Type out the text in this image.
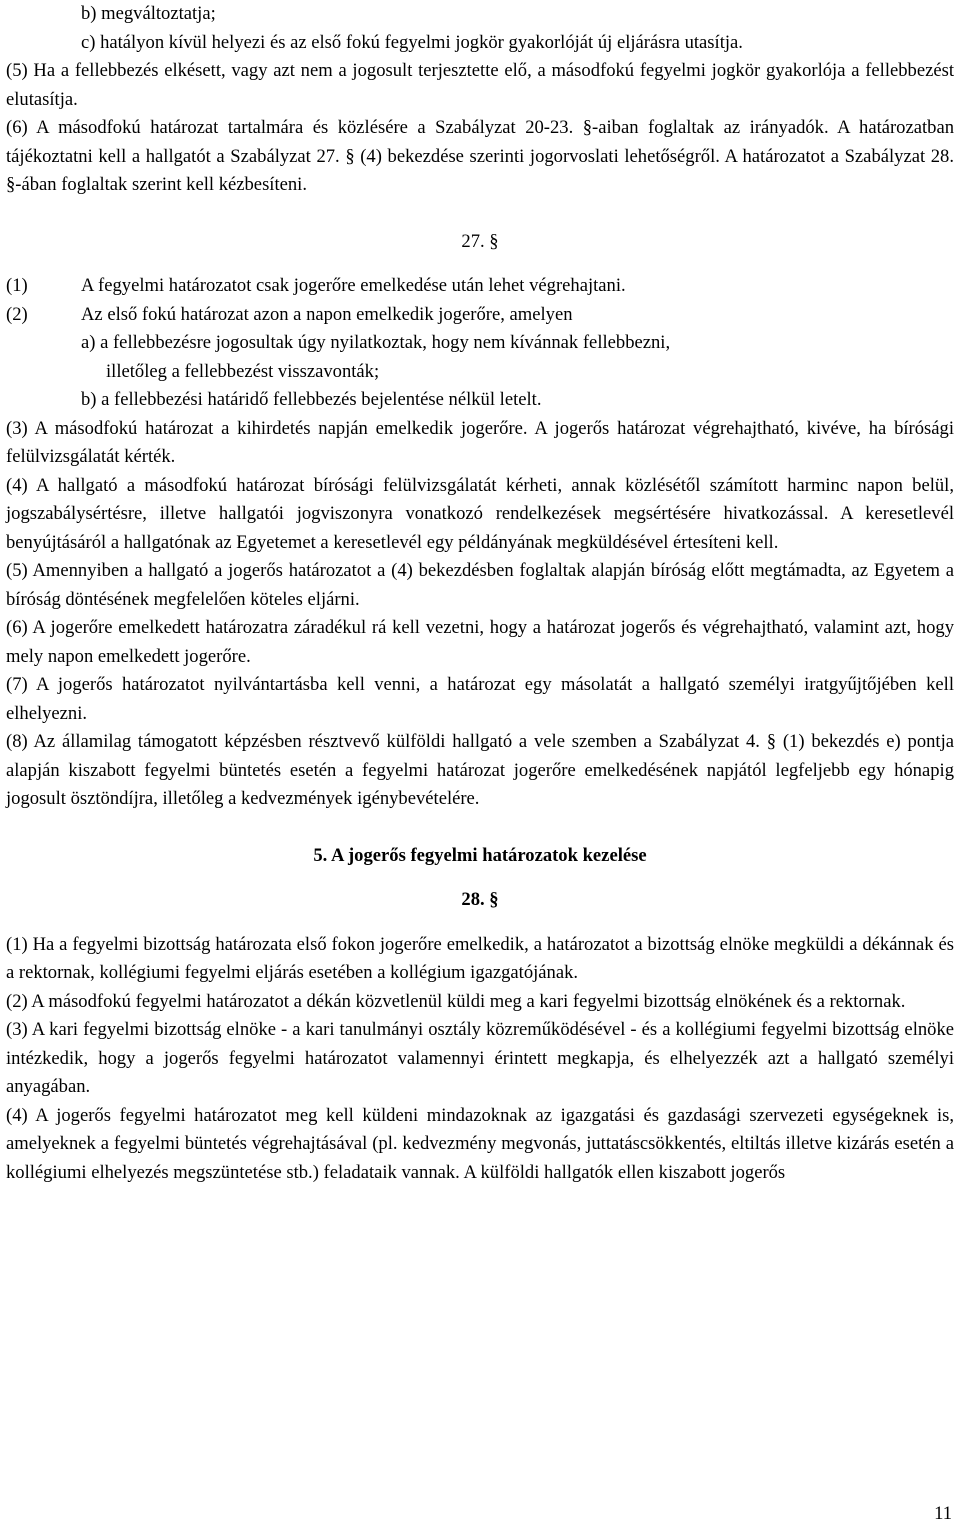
b) megváltoztatja;

c) hatályon kívül helyezi és az első fokú fegyelmi jogkör gyakorlóját új eljárásra utasítja.

(5) Ha a fellebbezés elkésett, vagy azt nem a jogosult terjesztette elő, a másodfokú fegyelmi jogkör gyakorlója a fellebbezést elutasítja.

(6) A másodfokú határozat tartalmára és közlésére a Szabályzat 20-23. §-aiban foglaltak az irányadók. A határozatban tájékoztatni kell a hallgatót a Szabályzat 27. § (4) bekezdése szerinti jogorvoslati lehetőségről. A határozatot a Szabályzat 28. §-ában foglaltak szerint kell kézbesíteni.

27. §

(1)	A fegyelmi határozatot csak jogerőre emelkedése után lehet végrehajtani.

(2)	Az első fokú határozat azon a napon emelkedik jogerőre, amelyen

a) a fellebbezésre jogosultak úgy nyilatkoztak, hogy nem kívánnak fellebbezni,

illetőleg a fellebbezést visszavonták;

b) a fellebbezési határidő fellebbezés bejelentése nélkül letelt.

(3) A másodfokú határozat a kihirdetés napján emelkedik jogerőre. A jogerős határozat végrehajtható, kivéve, ha bírósági felülvizsgálatát kérték.

(4) A hallgató a másodfokú határozat bírósági felülvizsgálatát kérheti, annak közlésétől számított harminc napon belül, jogszabálysértésre, illetve hallgatói jogviszonyra vonatkozó rendelkezések megsértésére hivatkozással. A keresetlevél benyújtásáról a hallgatónak az Egyetemet a keresetlevél egy példányának megküldésével értesíteni kell.

(5) Amennyiben a hallgató a jogerős határozatot a (4) bekezdésben foglaltak alapján bíróság előtt megtámadta, az Egyetem a bíróság döntésének megfelelően köteles eljárni.

(6) A jogerőre emelkedett határozatra záradékul rá kell vezetni, hogy a határozat jogerős és végrehajtható, valamint azt, hogy mely napon emelkedett jogerőre.

(7) A jogerős határozatot nyilvántartásba kell venni, a határozat egy másolatát a hallgató személyi iratgyűjtőjében kell elhelyezni.

(8) Az államilag támogatott képzésben résztvevő külföldi hallgató a vele szemben a Szabályzat 4. § (1) bekezdés e) pontja alapján kiszabott fegyelmi büntetés esetén a fegyelmi határozat jogerőre emelkedésének napjától legfeljebb egy hónapig jogosult ösztöndíjra, illetőleg a kedvezmények igénybevételére.

5. A jogerős fegyelmi határozatok kezelése

28. §

(1) Ha a fegyelmi bizottság határozata első fokon jogerőre emelkedik, a határozatot a bizottság elnöke megküldi a dékánnak és a rektornak, kollégiumi fegyelmi eljárás esetében a kollégium igazgatójának.

(2) A másodfokú fegyelmi határozatot a dékán közvetlenül küldi meg a kari fegyelmi bizottság elnökének és a rektornak.

(3) A kari fegyelmi bizottság elnöke - a kari tanulmányi osztály közreműködésével - és a kollégiumi fegyelmi bizottság elnöke intézkedik, hogy a jogerős fegyelmi határozatot valamennyi érintett megkapja, és elhelyezzék azt a hallgató személyi anyagában.

(4) A jogerős fegyelmi határozatot meg kell küldeni mindazoknak az igazgatási és gazdasági szervezeti egységeknek is, amelyeknek a fegyelmi büntetés végrehajtásával (pl. kedvezmény megvonás, juttatáscsökkentés, eltiltás illetve kizárás esetén a kollégiumi elhelyezés megszüntetése stb.) feladataik vannak. A külföldi hallgatók ellen kiszabott jogerős

11
